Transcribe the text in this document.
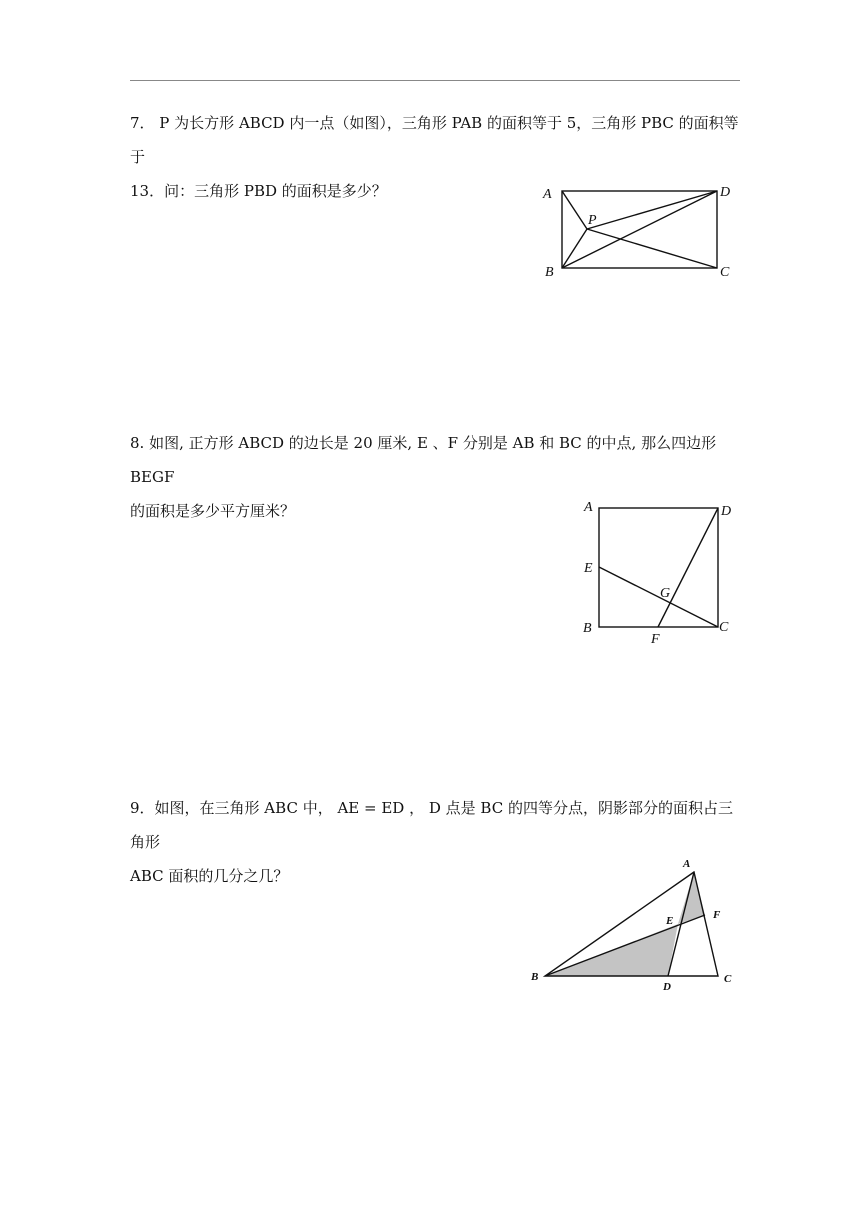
7． P 为长方形 ABCD 内一点（如图），三角形 PAB 的面积等于 5，三角形 PBC 的面积等于
13．问：三角形 PBD 的面积是多少？	A
B	C
D
P
8. 如图, 正方形 ABCD 的边长是 20 厘米, E 、F 分别是 AB 和 BC 的中点, 那么四边形 BEGF
的面积是多少平方厘米？	A
B	C
D
E
F
G
9．如图，在三角形 ABC 中， AE = ED ， D 点是 BC 的四等分点，阴影部分的面积占三角形
ABC 面积的几分之几？
A
B	C
D
E	F
